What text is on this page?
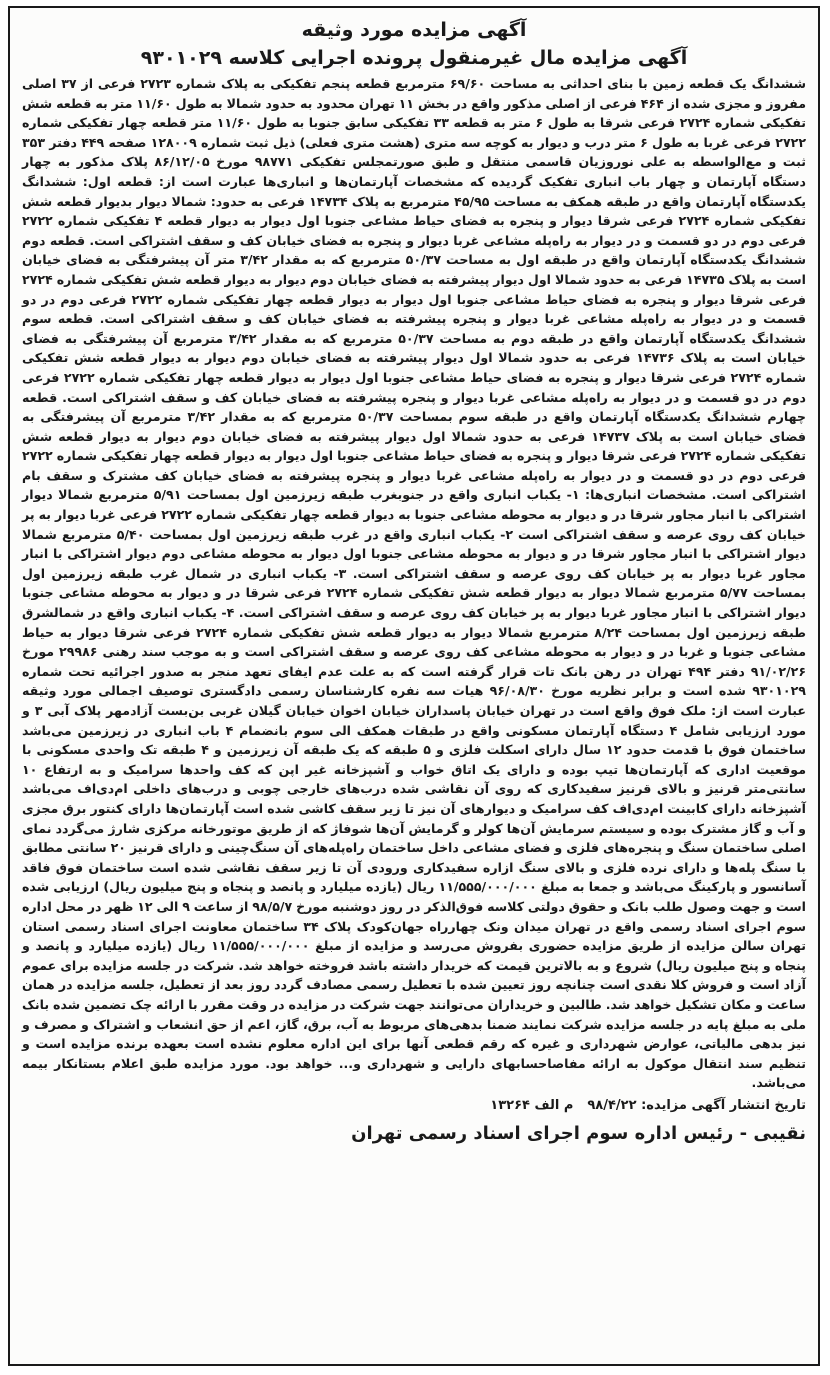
آگهی مزایده مورد وثیقه
آگهی مزایده مال غیرمنقول پرونده اجرایی کلاسه ۹۳۰۱۰۲۹

ششدانگ یک قطعه زمین با بنای احداثی به مساحت ۶۹/۶۰ مترمربع قطعه پنجم تفکیکی به پلاک شماره ۲۷۲۳ فرعی از ۳۷ اصلی مفروز و مجزی شده از ۴۶۴ فرعی از اصلی مذکور واقع در بخش ۱۱ تهران محدود به حدود شمالا به طول ۱۱/۶۰ متر به قطعه شش تفکیکی شماره ۲۷۲۴ فرعی شرقا به طول ۶ متر به قطعه ۳۳ تفکیکی سابق جنوبا به طول ۱۱/۶۰ متر قطعه چهار تفکیکی شماره ۲۷۲۲ فرعی غربا به طول ۶ متر درب و دیوار به کوچه سه متری (هشت متری فعلی) ذیل ثبت شماره ۱۲۸۰۰۹ صفحه ۴۴۹ دفتر ۳۵۳ ثبت و مع‌الواسطه به علی نوروزیان قاسمی منتقل و طبق صورتمجلس تفکیکی ۹۸۷۷۱ مورخ ۸۶/۱۲/۰۵ پلاک مذکور به چهار دستگاه آپارتمان و چهار باب انباری تفکیک گردیده که مشخصات آپارتمان‌ها و انباری‌ها عبارت است از: قطعه اول: ششدانگ یکدستگاه آپارتمان واقع در طبقه همکف به مساحت ۴۵/۹۵ مترمربع به پلاک ۱۴۷۳۴ فرعی به حدود: شمالا دیوار بدیوار قطعه شش تفکیکی شماره ۲۷۲۴ فرعی شرقا دیوار و پنجره به فضای حیاط مشاعی جنوبا اول دیوار به دیوار قطعه ۴ تفکیکی شماره ۲۷۲۲ فرعی دوم در دو قسمت و در دیوار به راه‌پله مشاعی غربا دیوار و پنجره به فضای خیابان کف و سقف اشتراکی است. قطعه دوم ششدانگ یکدستگاه آپارتمان واقع در طبقه اول به مساحت ۵۰/۳۷ مترمربع که به مقدار ۳/۴۲ متر آن پیشرفتگی به فضای خیابان است به پلاک ۱۴۷۳۵ فرعی به حدود شمالا اول دیوار پیشرفته به فضای خیابان دوم دیوار به دیوار قطعه شش تفکیکی شماره ۲۷۲۴ فرعی شرقا دیوار و پنجره به فضای حیاط مشاعی جنوبا اول دیوار به دیوار قطعه چهار تفکیکی شماره ۲۷۲۲ فرعی دوم در دو قسمت و در دیوار به راه‌پله مشاعی غربا دیوار و پنجره پیشرفته به فضای خیابان کف و سقف اشتراکی است. قطعه سوم ششدانگ یکدستگاه آپارتمان واقع در طبقه دوم به مساحت ۵۰/۳۷ مترمربع که به مقدار ۳/۴۲ مترمربع آن پیشرفتگی به فضای خیابان است به پلاک ۱۴۷۳۶ فرعی به حدود شمالا اول دیوار پیشرفته به فضای خیابان دوم دیوار به دیوار قطعه شش تفکیکی شماره ۲۷۲۴ فرعی شرقا دیوار و پنجره به فضای حیاط مشاعی جنوبا اول دیوار به دیوار قطعه چهار تفکیکی شماره ۲۷۲۲ فرعی دوم در دو قسمت و در دیوار به راه‌پله مشاعی غربا دیوار و پنجره پیشرفته به فضای خیابان کف و سقف اشتراکی است. قطعه چهارم ششدانگ یکدستگاه آپارتمان واقع در طبقه سوم بمساحت ۵۰/۳۷ مترمربع که به مقدار ۳/۴۲ مترمربع آن پیشرفتگی به فضای خیابان است به پلاک ۱۴۷۳۷ فرعی به حدود شمالا اول دیوار پیشرفته به فضای خیابان دوم دیوار به دیوار قطعه شش تفکیکی شماره ۲۷۲۴ فرعی شرقا دیوار و پنجره به فضای حیاط مشاعی جنوبا اول دیوار به دیوار قطعه چهار تفکیکی شماره ۲۷۲۲ فرعی دوم در دو قسمت و در دیوار به راه‌پله مشاعی غربا دیوار و پنجره پیشرفته به فضای خیابان کف مشترک و سقف بام اشتراکی است. مشخصات انباری‌ها: ۱- یکباب انباری واقع در جنوبغرب طبقه زیرزمین اول بمساحت ۵/۹۱ مترمربع شمالا دیوار اشتراکی با انبار مجاور شرقا در و دیوار به محوطه مشاعی جنوبا به دیوار قطعه چهار تفکیکی شماره ۲۷۲۲ فرعی غربا دیوار به پر خیابان کف روی عرصه و سقف اشتراکی است ۲- یکباب انباری واقع در غرب طبقه زیرزمین اول بمساحت ۵/۴۰ مترمربع شمالا دیوار اشتراکی با انبار مجاور شرقا در و دیوار به محوطه مشاعی جنوبا اول دیوار به محوطه مشاعی دوم دیوار اشتراکی با انبار مجاور غربا دیوار به پر خیابان کف روی عرصه و سقف اشتراکی است. ۳- یکباب انباری در شمال غرب طبقه زیرزمین اول بمساحت ۵/۷۷ مترمربع شمالا دیوار به دیوار قطعه شش تفکیکی شماره ۲۷۲۴ فرعی شرقا در و دیوار به محوطه مشاعی جنوبا دیوار اشتراکی با انبار مجاور غربا دیوار به پر خیابان کف روی عرصه و سقف اشتراکی است. ۴- یکباب انباری واقع در شمالشرق طبقه زیرزمین اول بمساحت ۸/۲۴ مترمربع شمالا دیوار به دیوار قطعه شش تفکیکی شماره ۲۷۲۴ فرعی شرقا دیوار به حیاط مشاعی جنوبا و غربا در و دیوار به محوطه مشاعی کف روی عرصه و سقف اشتراکی است و به موجب سند رهنی ۲۹۹۸۶ مورخ ۹۱/۰۲/۲۶ دفتر ۴۹۴ تهران در رهن بانک تات قرار گرفته است که به علت عدم ایفای تعهد منجر به صدور اجرائیه تحت شماره ۹۳۰۱۰۲۹ شده است و برابر نظریه مورخ ۹۶/۰۸/۳۰ هیات سه نفره کارشناسان رسمی دادگستری توصیف اجمالی مورد وثیقه عبارت است از: ملک فوق واقع است در تهران خیابان پاسداران خیابان اخوان خیابان گیلان غربی بن‌بست آزادمهر پلاک آبی ۳ و مورد ارزیابی شامل ۴ دستگاه آپارتمان مسکونی واقع در طبقات همکف الی سوم بانضمام ۴ باب انباری در زیرزمین می‌باشد ساختمان فوق با قدمت حدود ۱۲ سال دارای اسکلت فلزی و ۵ طبقه که یک طبقه آن زیرزمین و ۴ طبقه تک واحدی مسکونی با موقعیت اداری که آپارتمان‌ها تیپ بوده و دارای یک اتاق خواب و آشپزخانه غیر اپن که کف واحدها سرامیک و به ارتفاع ۱۰ سانتی‌متر قرنیز و بالای قرنیز سفیدکاری که روی آن نقاشی شده درب‌های خارجی چوبی و درب‌های داخلی ام‌دی‌اف می‌باشد آشپزخانه دارای کابینت ام‌دی‌اف کف سرامیک و دیوارهای آن نیز تا زیر سقف کاشی شده است آپارتمان‌ها دارای کنتور برق مجزی و آب و گاز مشترک بوده و سیستم سرمایش آن‌ها کولر و گرمایش آن‌ها شوفاژ که از طریق موتورخانه مرکزی شارژ می‌گردد نمای اصلی ساختمان سنگ و پنجره‌های فلزی و فضای مشاعی داخل ساختمان راه‌پله‌های آن سنگ‌چینی و دارای قرنیز ۲۰ سانتی مطابق با سنگ پله‌ها و دارای نرده فلزی و بالای سنگ ازاره سفیدکاری ورودی آن تا زیر سقف نقاشی شده است ساختمان فوق فاقد آسانسور و پارکینگ می‌باشد و جمعا به مبلغ ۱۱/۵۵۵/۰۰۰/۰۰۰ ریال (یازده میلیارد و پانصد و پنجاه و پنج میلیون ریال) ارزیابی شده است و جهت وصول طلب بانک و حقوق دولتی کلاسه فوق‌الذکر در روز دوشنبه مورخ ۹۸/۵/۷ از ساعت ۹ الی ۱۲ ظهر در محل اداره سوم اجرای اسناد رسمی واقع در تهران میدان ونک چهارراه جهان‌کودک پلاک ۳۴ ساختمان معاونت اجرای اسناد رسمی استان تهران سالن مزایده از طریق مزایده حضوری بفروش می‌رسد و مزایده از مبلغ ۱۱/۵۵۵/۰۰۰/۰۰۰ ریال (یازده میلیارد و پانصد و پنجاه و پنج میلیون ریال) شروع و به بالاترین قیمت که خریدار داشته باشد فروخته خواهد شد. شرکت در جلسه مزایده برای عموم آزاد است و فروش کلا نقدی است چنانچه روز تعیین شده با تعطیل رسمی مصادف گردد روز بعد از تعطیل، جلسه مزایده در همان ساعت و مکان تشکیل خواهد شد. طالبین و خریداران می‌توانند جهت شرکت در مزایده در وقت مقرر با ارائه چک تضمین شده بانک ملی به مبلغ پایه در جلسه مزایده شرکت نمایند ضمنا بدهی‌های مربوط به آب، برق، گاز، اعم از حق انشعاب و اشتراک و مصرف و نیز بدهی مالیاتی، عوارض شهرداری و غیره که رقم قطعی آنها برای این اداره معلوم نشده است بعهده برنده مزایده است و تنظیم سند انتقال موکول به ارائه مفاصاحسابهای دارایی و شهرداری و... خواهد بود. مورد مزایده طبق اعلام بستانکار بیمه می‌باشد.

تاریخ انتشار آگهی مزایده: ۹۸/۴/۲۲
م الف ۱۳۲۶۴
نقیبی - رئیس اداره سوم اجرای اسناد رسمی تهران
